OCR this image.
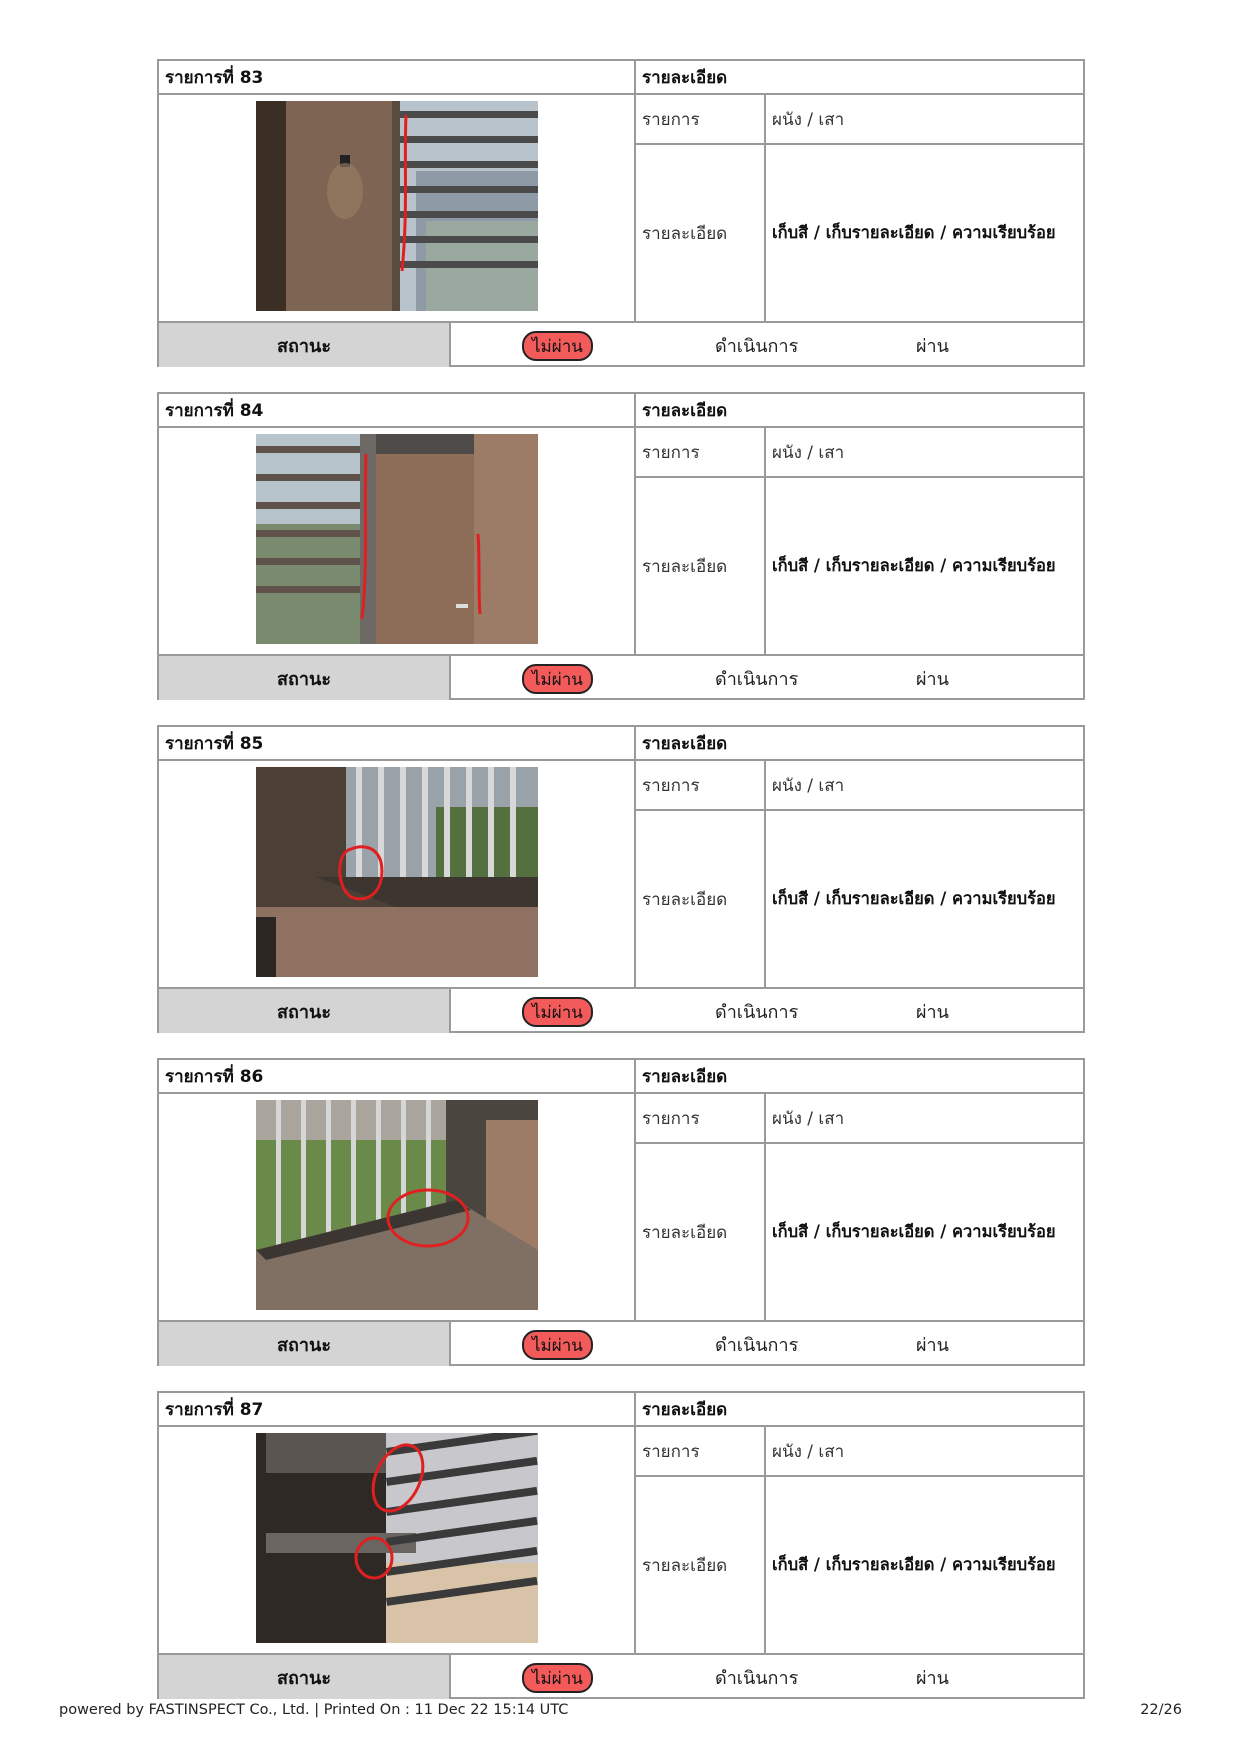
รายการที่ 83	รายละเอียด
รายการ	ผนัง / เสา
รายละเอียด	เก็บสี / เก็บรายละเอียด / ความเรียบร้อย
สถานะ	ไม่ผ่าน	ดำเนินการ	ผ่าน
รายการที่ 84	รายละเอียด
รายการ	ผนัง / เสา
รายละเอียด	เก็บสี / เก็บรายละเอียด / ความเรียบร้อย
สถานะ	ไม่ผ่าน	ดำเนินการ	ผ่าน
รายการที่ 85	รายละเอียด
รายการ	ผนัง / เสา
รายละเอียด	เก็บสี / เก็บรายละเอียด / ความเรียบร้อย
สถานะ	ไม่ผ่าน	ดำเนินการ	ผ่าน
รายการที่ 86	รายละเอียด
รายการ	ผนัง / เสา
รายละเอียด	เก็บสี / เก็บรายละเอียด / ความเรียบร้อย
สถานะ	ไม่ผ่าน	ดำเนินการ	ผ่าน
รายการที่ 87	รายละเอียด
รายการ	ผนัง / เสา
รายละเอียด	เก็บสี / เก็บรายละเอียด / ความเรียบร้อย
สถานะ	ไม่ผ่าน	ดำเนินการ	ผ่าน
powered by FASTINSPECT Co., Ltd. | Printed On : 11 Dec 22 15:14 UTC	22/26
